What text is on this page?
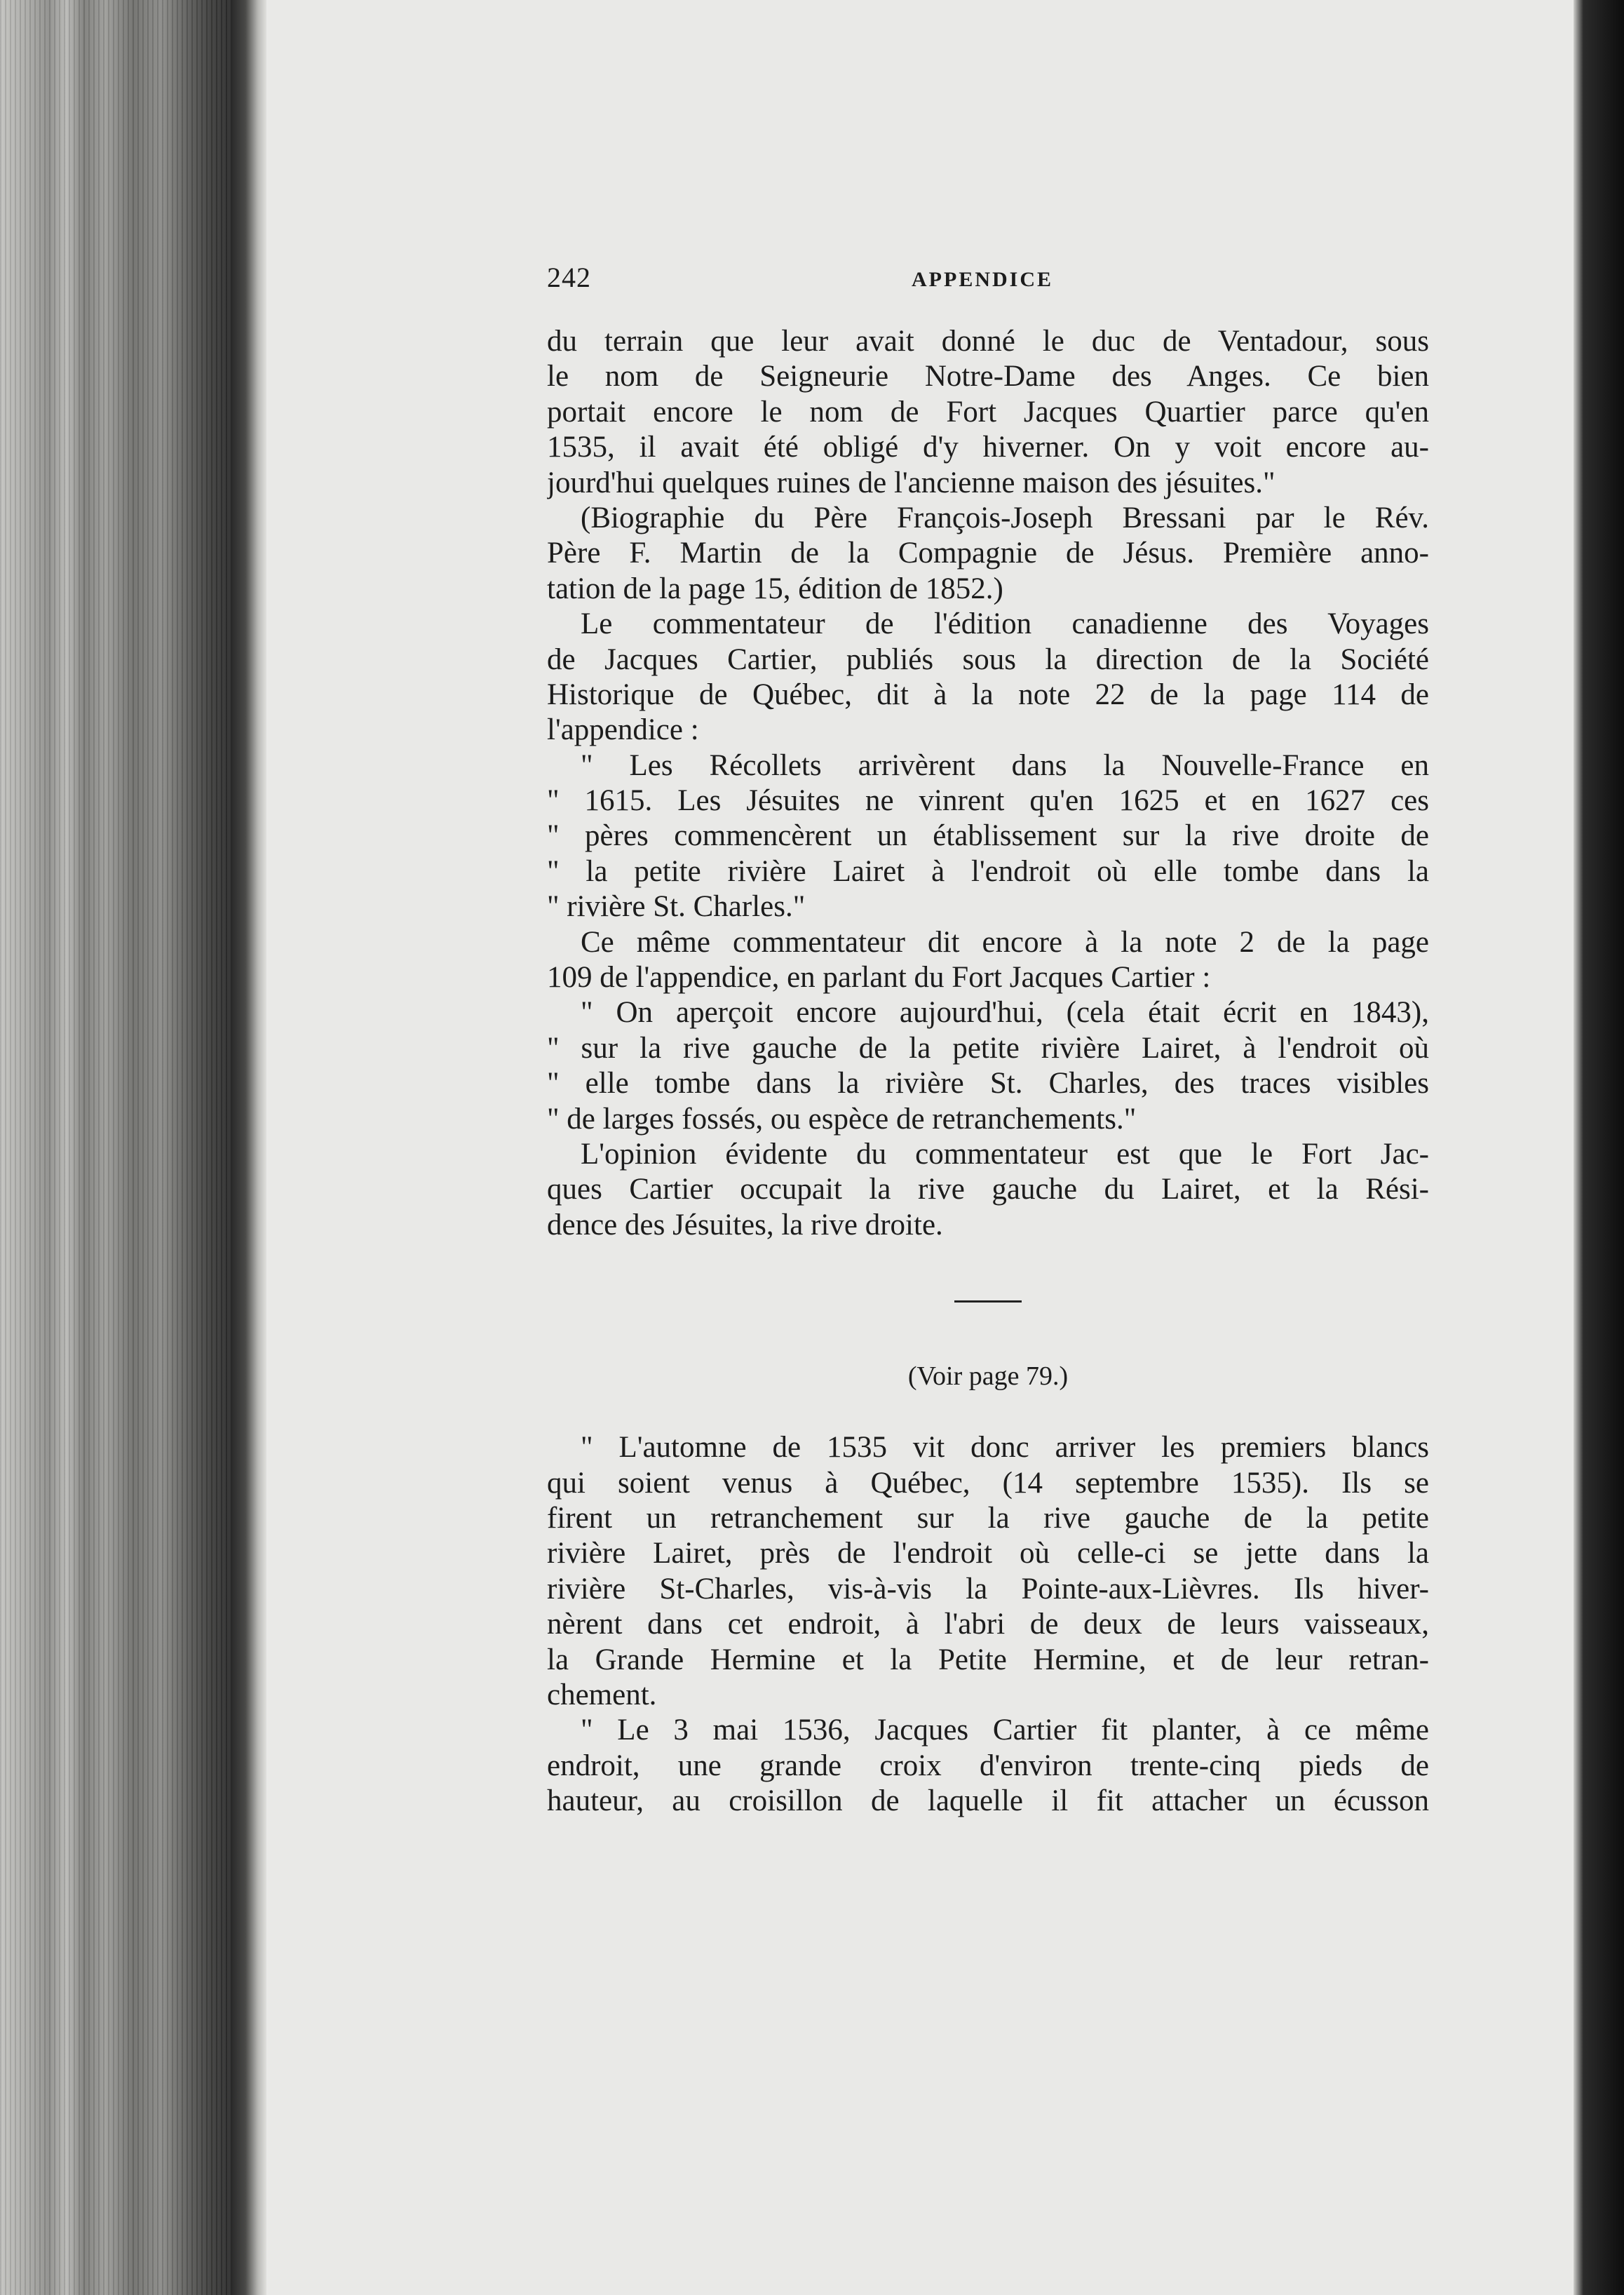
242	APPENDICE
du terrain que leur avait donné le duc de Ventadour, sous
le nom de Seigneurie Notre-Dame des Anges. Ce bien
portait encore le nom de Fort Jacques Quartier parce qu'en
1535, il avait été obligé d'y hiverner. On y voit encore au-
jourd'hui quelques ruines de l'ancienne maison des jésuites."
(Biographie du Père François-Joseph Bressani par le Rév.
Père F. Martin de la Compagnie de Jésus. Première anno-
tation de la page 15, édition de 1852.)
Le commentateur de l'édition canadienne des Voyages
de Jacques Cartier, publiés sous la direction de la Société
Historique de Québec, dit à la note 22 de la page 114 de
l'appendice :
" Les Récollets arrivèrent dans la Nouvelle-France en
" 1615. Les Jésuites ne vinrent qu'en 1625 et en 1627 ces
" pères commencèrent un établissement sur la rive droite de
" la petite rivière Lairet à l'endroit où elle tombe dans la
" rivière St. Charles."
Ce même commentateur dit encore à la note 2 de la page
109 de l'appendice, en parlant du Fort Jacques Cartier :
" On aperçoit encore aujourd'hui, (cela était écrit en 1843),
" sur la rive gauche de la petite rivière Lairet, à l'endroit où
" elle tombe dans la rivière St. Charles, des traces visibles
" de larges fossés, ou espèce de retranchements."
L'opinion évidente du commentateur est que le Fort Jac-
ques Cartier occupait la rive gauche du Lairet, et la Rési-
dence des Jésuites, la rive droite.
(Voir page 79.)
" L'automne de 1535 vit donc arriver les premiers blancs
qui soient venus à Québec, (14 septembre 1535). Ils se
firent un retranchement sur la rive gauche de la petite
rivière Lairet, près de l'endroit où celle-ci se jette dans la
rivière St-Charles, vis-à-vis la Pointe-aux-Lièvres. Ils hiver-
nèrent dans cet endroit, à l'abri de deux de leurs vaisseaux,
la Grande Hermine et la Petite Hermine, et de leur retran-
chement.
" Le 3 mai 1536, Jacques Cartier fit planter, à ce même
endroit, une grande croix d'environ trente-cinq pieds de
hauteur, au croisillon de laquelle il fit attacher un écusson
